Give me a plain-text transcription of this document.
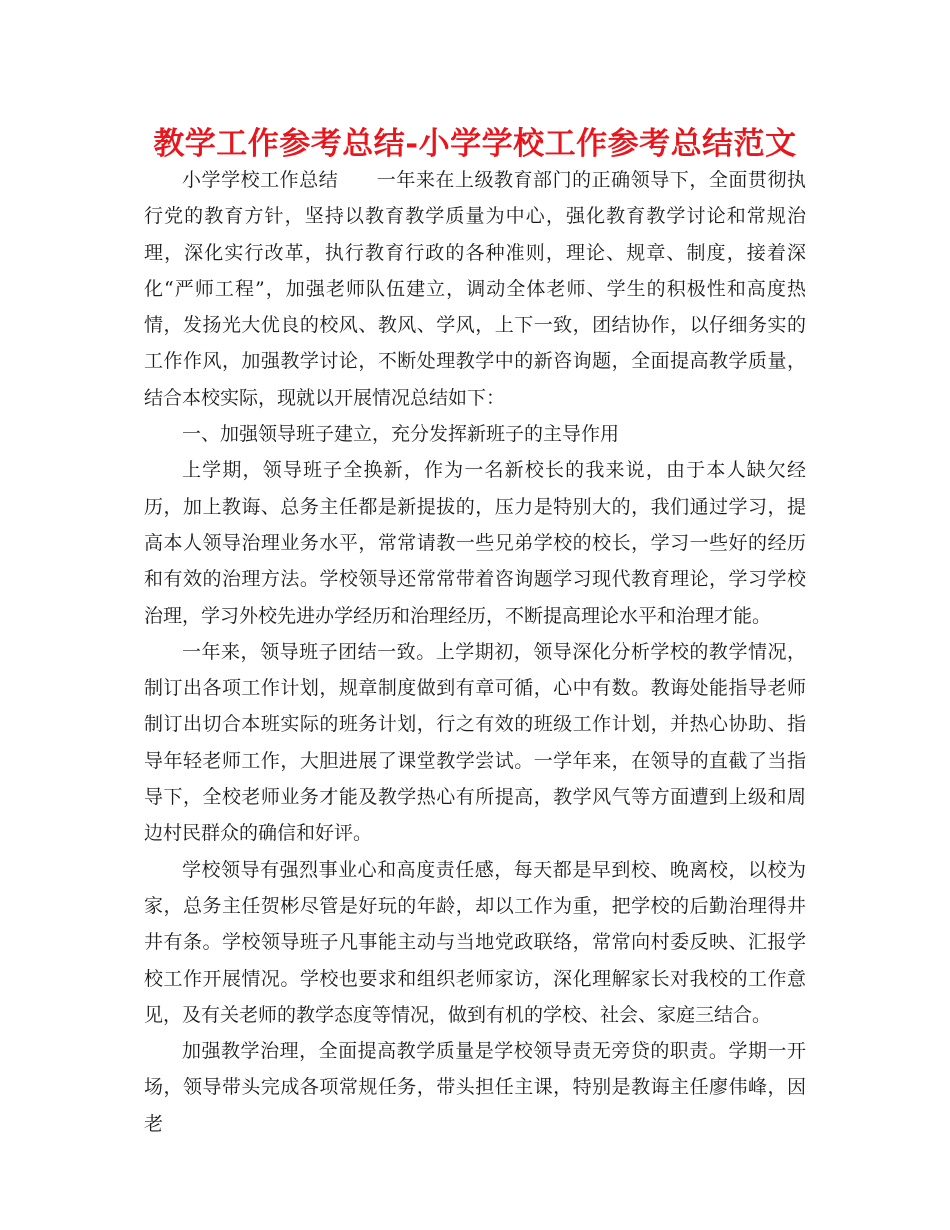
教学工作参考总结-小学学校工作参考总结范文

小学学校工作总结 一年来在上级教育部门的正确领导下，全面贯彻执行党的教育方针，坚持以教育教学质量为中心，强化教育教学讨论和常规治理，深化实行改革，执行教育行政的各种准则，理论、规章、制度，接着深化“严师工程”，加强老师队伍建立，调动全体老师、学生的积极性和高度热情，发扬光大优良的校风、教风、学风，上下一致，团结协作，以仔细务实的工作作风，加强教学讨论，不断处理教学中的新咨询题，全面提高教学质量，结合本校实际，现就以开展情况总结如下：

一、加强领导班子建立，充分发挥新班子的主导作用

上学期，领导班子全换新，作为一名新校长的我来说，由于本人缺欠经历，加上教诲、总务主任都是新提拔的，压力是特别大的，我们通过学习，提高本人领导治理业务水平，常常请教一些兄弟学校的校长，学习一些好的经历和有效的治理方法。学校领导还常常带着咨询题学习现代教育理论，学习学校治理，学习外校先进办学经历和治理经历，不断提高理论水平和治理才能。

一年来，领导班子团结一致。上学期初，领导深化分析学校的教学情况，制订出各项工作计划，规章制度做到有章可循，心中有数。教诲处能指导老师制订出切合本班实际的班务计划，行之有效的班级工作计划，并热心协助、指导年轻老师工作，大胆进展了课堂教学尝试。一学年来，在领导的直截了当指导下，全校老师业务才能及教学热心有所提高，教学风气等方面遭到上级和周边村民群众的确信和好评。

学校领导有强烈事业心和高度责任感，每天都是早到校、晚离校，以校为家，总务主任贺彬尽管是好玩的年龄，却以工作为重，把学校的后勤治理得井井有条。学校领导班子凡事能主动与当地党政联络，常常向村委反映、汇报学校工作开展情况。学校也要求和组织老师家访，深化理解家长对我校的工作意见，及有关老师的教学态度等情况，做到有机的学校、社会、家庭三结合。

加强教学治理，全面提高教学质量是学校领导责无旁贷的职责。学期一开场，领导带头完成各项常规任务，带头担任主课，特别是教诲主任廖伟峰，因老
